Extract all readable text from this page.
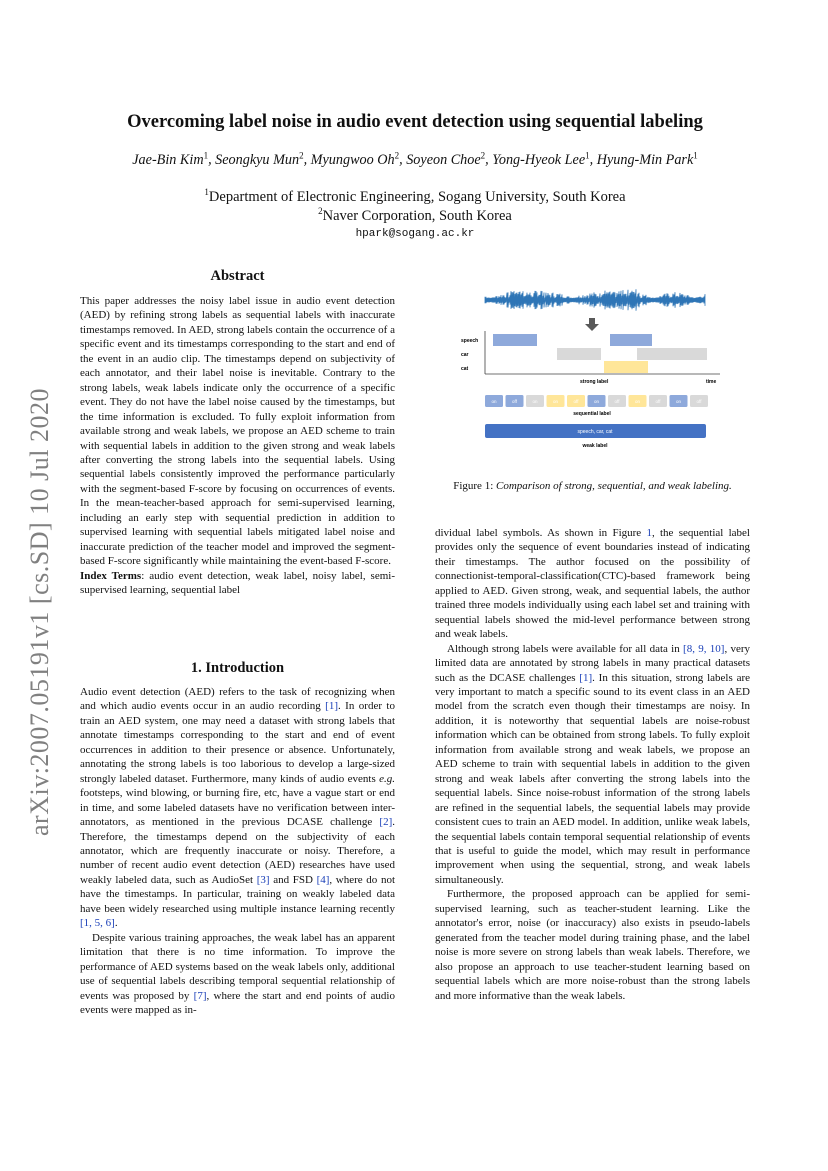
arXiv:2007.05191v1 [cs.SD] 10 Jul 2020
Overcoming label noise in audio event detection using sequential labeling
Jae-Bin Kim$^1$, Seongkyu Mun$^2$, Myungwoo Oh$^2$, Soyeon Choe$^2$, Yong-Hyeok Lee$^1$, Hyung-Min Park$^1$
$^1$Department of Electronic Engineering, Sogang University, South Korea
$^2$Naver Corporation, South Korea
hpark@sogang.ac.kr
Abstract

This paper addresses the noisy label issue in audio event detection (AED) by refining strong labels as sequential labels with inaccurate timestamps removed. In AED, strong labels contain the occurrence of a specific event and its timestamps corresponding to the start and end of the event in an audio clip. The timestamps depend on subjectivity of each annotator, and their label noise is inevitable. Contrary to the strong labels, weak labels indicate only the occurrence of a specific event. They do not have the label noise caused by the timestamps, but the time information is excluded. To fully exploit information from available strong and weak labels, we propose an AED scheme to train with sequential labels in addition to the given strong and weak labels after converting the strong labels into the sequential labels. Using sequential labels consistently improved the performance particularly with the segment-based F-score by focusing on occurrences of events. In the mean-teacher-based approach for semi-supervised learning, including an early step with sequential prediction in addition to supervised learning with sequential labels mitigated label noise and inaccurate prediction of the teacher model and improved the segment-based F-score significantly while maintaining the event-based F-score.

Index Terms: audio event detection, weak label, noisy label, semi-supervised learning, sequential label

1. Introduction

Audio event detection (AED) refers to the task of recognizing when and which audio events occur in an audio recording [1]. In order to train an AED system, one may need a dataset with strong labels that annotate timestamps corresponding to the start and end of event occurrences in addition to their presence or absence. Unfortunately, annotating the strong labels is too laborious to develop a large-sized strongly labeled dataset. Furthermore, many kinds of audio events e.g. footsteps, wind blowing, or burning fire, etc, have a vague start or end in time, and some labeled datasets have no verification between inter-annotators, as mentioned in the previous DCASE challenge [2]. Therefore, the timestamps depend on the subjectivity of each annotator, which are frequently inaccurate or noisy. Therefore, a number of recent audio event detection (AED) researches have used weakly labeled data, such as AudioSet [3] and FSD [4], where do not have the timestamps. In particular, training on weakly labeled data have been widely researched using multiple instance learning recently [1, 5, 6].

Despite various training approaches, the weak label has an apparent limitation that there is no time information. To improve the performance of AED systems based on the weak labels only, additional use of sequential labels describing temporal sequential relationship of events was proposed by [7], where the start and end points of audio events were mapped as in-

speech
car
cat
strong label	time
on	off	on	on	off	on	off	on	off	on	off
sequential label
speech, car, cat
weak label
Figure 1: Comparison of strong, sequential, and weak labeling.

dividual label symbols. As shown in Figure 1, the sequential label provides only the sequence of event boundaries instead of indicating their timestamps. The author focused on the possibility of connectionist-temporal-classification(CTC)-based framework being applied to AED. Given strong, weak, and sequential labels, the author trained three models individually using each label set and training with sequential labels showed the mid-level performance between strong and weak labels.

Although strong labels were available for all data in [8, 9, 10], very limited data are annotated by strong labels in many practical datasets such as the DCASE challenges [1]. In this situation, strong labels are very important to match a specific sound to its event class in an AED model from the scratch even though their timestamps are noisy. In addition, it is noteworthy that sequential labels are noise-robust information which can be obtained from strong labels. To fully exploit information from available strong and weak labels, we propose an AED scheme to train with sequential labels in addition to the given strong and weak labels after converting the strong labels into the sequential labels. Since noise-robust information of the strong labels are refined in the sequential labels, the sequential labels may provide consistent cues to train an AED model. In addition, unlike weak labels, the sequential labels contain temporal sequential relationship of events that is useful to guide the model, which may result in performance improvement when using the sequential, strong, and weak labels simultaneously.

Furthermore, the proposed approach can be applied for semi-supervised learning, such as teacher-student learning. Like the annotator's error, noise (or inaccuracy) also exists in pseudo-labels generated from the teacher model during training phase, and the label noise is more severe on strong labels than weak labels. Therefore, we also propose an approach to use teacher-student learning based on sequential labels which are more noise-robust than the strong labels and more informative than the weak labels.
